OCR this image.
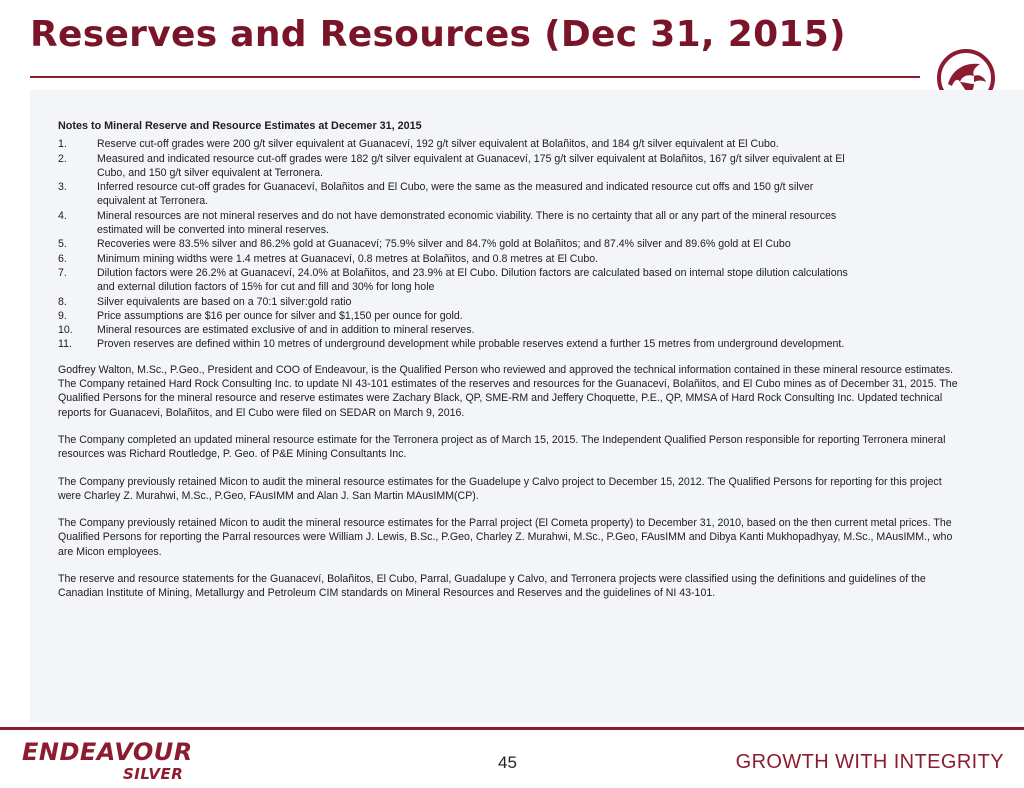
Reserves and Resources (Dec 31, 2015)
Notes to Mineral Reserve and Resource Estimates at Decemer 31, 2015
1.	Reserve cut-off grades were 200 g/t silver equivalent at Guanaceví, 192 g/t silver equivalent at Bolañitos, and 184 g/t silver equivalent at El Cubo.
2.	Measured and indicated resource cut-off grades were 182 g/t silver equivalent at Guanaceví, 175 g/t silver equivalent at Bolañitos, 167 g/t silver equivalent at El Cubo, and 150 g/t silver equivalent at Terronera.
3.	Inferred resource cut-off grades for Guanaceví, Bolañitos and El Cubo, were the same as the measured and indicated resource cut offs and 150 g/t silver equivalent at Terronera.
4.	Mineral resources are not mineral reserves and do not have demonstrated economic viability. There is no certainty that all or any part of the mineral resources estimated will be converted into mineral reserves.
5.	Recoveries were 83.5% silver and 86.2% gold at Guanaceví; 75.9% silver and 84.7% gold at Bolañitos; and 87.4% silver and 89.6% gold at El Cubo
6.	Minimum mining widths were 1.4 metres at Guanaceví, 0.8 metres at Bolañitos, and 0.8 metres at El Cubo.
7.	Dilution factors were 26.2% at Guanaceví, 24.0% at Bolañitos, and 23.9% at El Cubo. Dilution factors are calculated based on internal stope dilution calculations and external dilution factors of 15% for cut and fill and 30% for long hole
8.	Silver equivalents are based on a 70:1 silver:gold ratio
9.	Price assumptions are $16 per ounce for silver and $1,150 per ounce for gold.
10.	Mineral resources are estimated exclusive of and in addition to mineral reserves.
11.	Proven reserves are defined within 10 metres of underground development while probable reserves extend a further 15 metres from underground development.

Godfrey Walton, M.Sc., P.Geo., President and COO of Endeavour, is the Qualified Person who reviewed and approved the technical information contained in these mineral resource estimates. The Company retained Hard Rock Consulting Inc. to update NI 43-101 estimates of the reserves and resources for the Guanaceví, Bolañitos, and El Cubo mines as of December 31, 2015. The Qualified Persons for the mineral resource and reserve estimates were Zachary Black, QP, SME-RM and Jeffery Choquette, P.E., QP, MMSA of Hard Rock Consulting Inc. Updated technical reports for Guanacevi, Bolañitos, and El Cubo were filed on SEDAR on March 9, 2016.

The Company completed an updated mineral resource estimate for the Terronera project as of March 15, 2015. The Independent Qualified Person responsible for reporting Terronera mineral resources was Richard Routledge, P. Geo. of P&E Mining Consultants Inc.

The Company previously retained Micon to audit the mineral resource estimates for the Guadelupe y Calvo project to December 15, 2012. The Qualified Persons for reporting for this project were Charley Z. Murahwi, M.Sc., P.Geo, FAusIMM and Alan J. San Martin MAusIMM(CP).

The Company previously retained Micon to audit the mineral resource estimates for the Parral project (El Cometa property) to December 31, 2010, based on the then current metal prices. The Qualified Persons for reporting the Parral resources were William J. Lewis, B.Sc., P.Geo, Charley Z. Murahwi, M.Sc., P.Geo, FAusIMM and Dibya Kanti Mukhopadhyay, M.Sc., MAusIMM., who are Micon employees.

The reserve and resource statements for the Guanaceví, Bolañitos, El Cubo, Parral, Guadalupe y Calvo, and Terronera projects were classified using the definitions and guidelines of the Canadian Institute of Mining, Metallurgy and Petroleum CIM standards on Mineral Resources and Reserves and the guidelines of NI 43-101.

ENDEAVOUR
SILVER
45	GROWTH WITH INTEGRITY
